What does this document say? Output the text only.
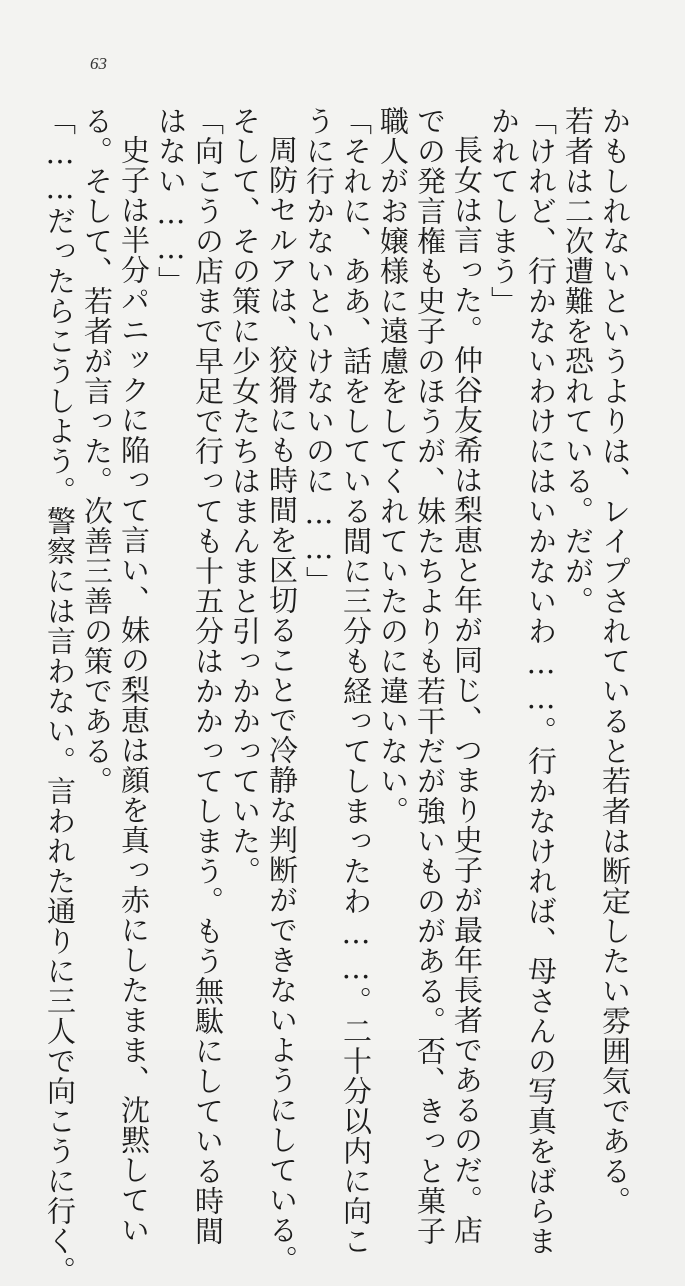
63

かもしれないというよりは、レイプされていると若者は断定したい雰囲気である。

若者は二次遭難を恐れている。だが。

「けれど、行かないわけにはいかないわ……。行かなければ、母さんの写真をばらま

かれてしまう」

長女は言った。仲谷友希は梨恵と年が同じ、つまり史子が最年長者であるのだ。店

での発言権も史子のほうが、妹たちよりも若干だが強いものがある。否、きっと菓子

職人がお嬢様に遠慮をしてくれていたのに違いない。

「それに、ああ、話をしている間に三分も経ってしまったわ……。二十分以内に向こ

うに行かないといけないのに……」

周防セルアは、狡猾にも時間を区切ることで冷静な判断ができないようにしている。

そして、その策に少女たちはまんまと引っかかっていた。

「向こうの店まで早足で行っても十五分はかかってしまう。もう無駄にしている時間

はない……」

史子は半分パニックに陥って言い、妹の梨恵は顔を真っ赤にしたまま、沈黙してい

る。そして、若者が言った。次善三善の策である。

「……だったらこうしよう。警察には言わない。言われた通りに三人で向こうに行く。
